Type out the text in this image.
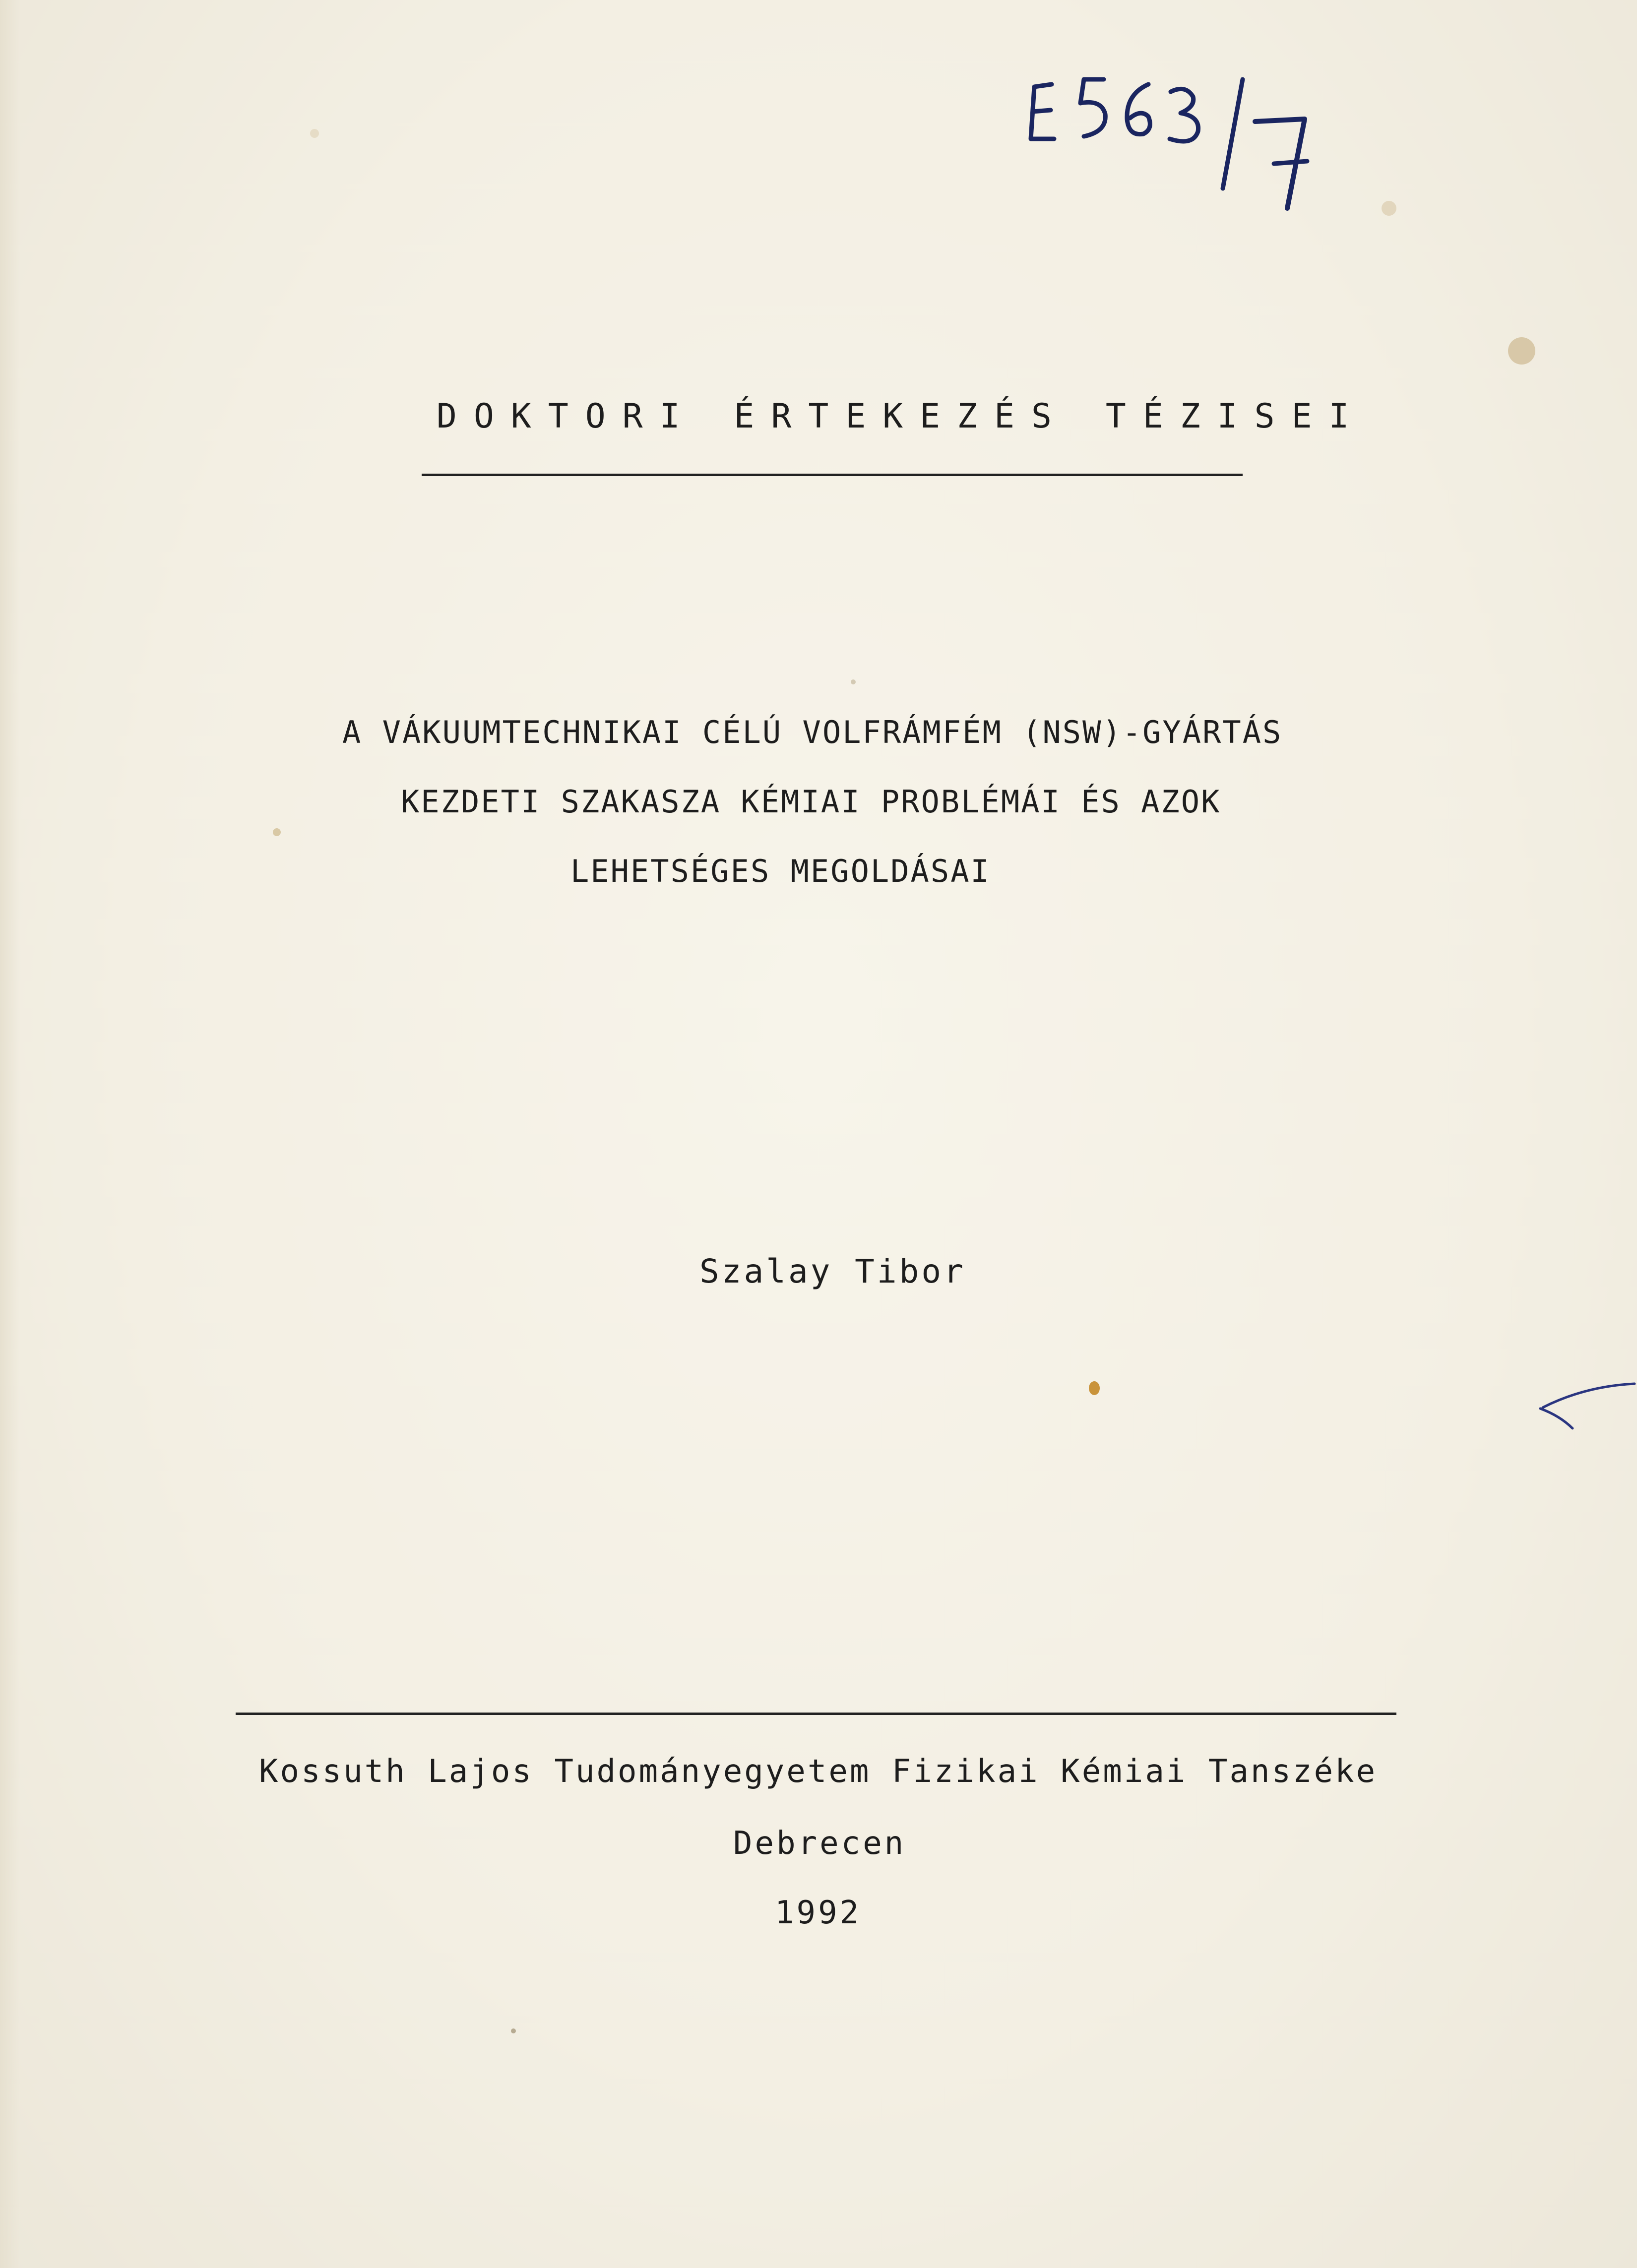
DOKTORI ÉRTEKEZÉS TÉZISEI
A VÁKUUMTECHNIKAI CÉLÚ VOLFRÁMFÉM (NSW)-GYÁRTÁS
KEZDETI SZAKASZA KÉMIAI PROBLÉMÁI ÉS AZOK
LEHETSÉGES MEGOLDÁSAI
Szalay Tibor
Kossuth Lajos Tudományegyetem Fizikai Kémiai Tanszéke
Debrecen
1992
